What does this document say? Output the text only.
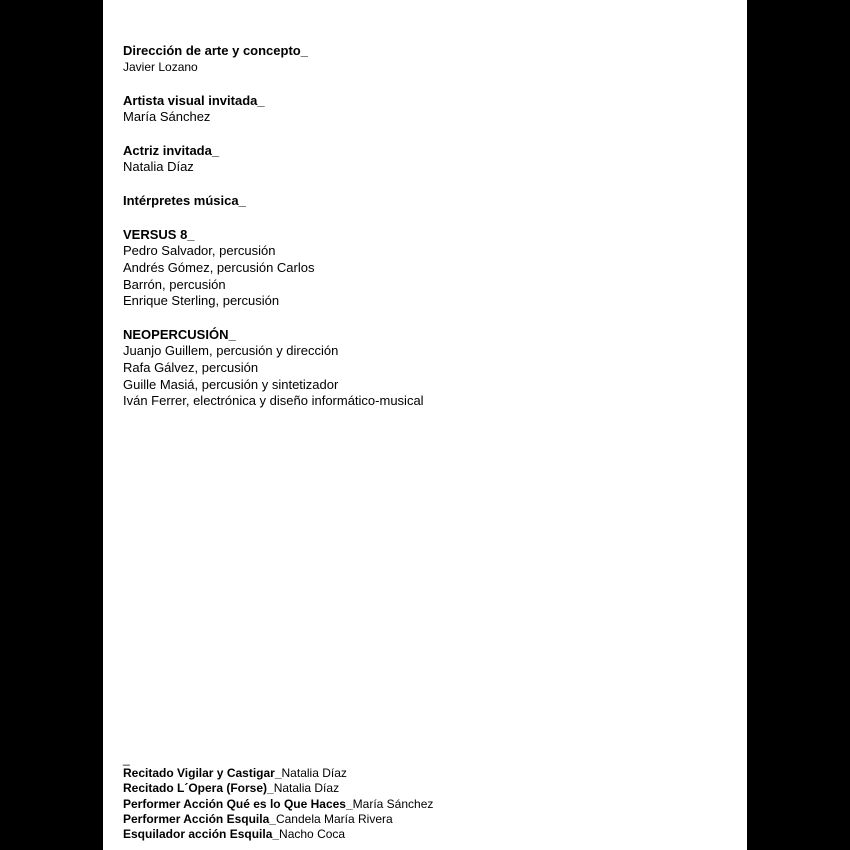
Dirección de arte y concepto_
Javier Lozano
Artista visual invitada_
María Sánchez
Actriz invitada_
Natalia Díaz
Intérpretes música_
VERSUS 8_
Pedro Salvador, percusión
Andrés Gómez, percusión Carlos
Barrón, percusión
Enrique Sterling, percusión
NEOPERCUSIÓN_
Juanjo Guillem, percusión y dirección
Rafa Gálvez, percusión
Guille Masiá, percusión y sintetizador
Iván Ferrer, electrónica y diseño informático-musical
_
Recitado Vigilar y Castigar_Natalia Díaz
Recitado L´Opera (Forse)_Natalia Díaz
Performer Acción Qué es lo Que Haces_María Sánchez
Performer Acción Esquila_Candela María Rivera
Esquilador acción Esquila_Nacho Coca
